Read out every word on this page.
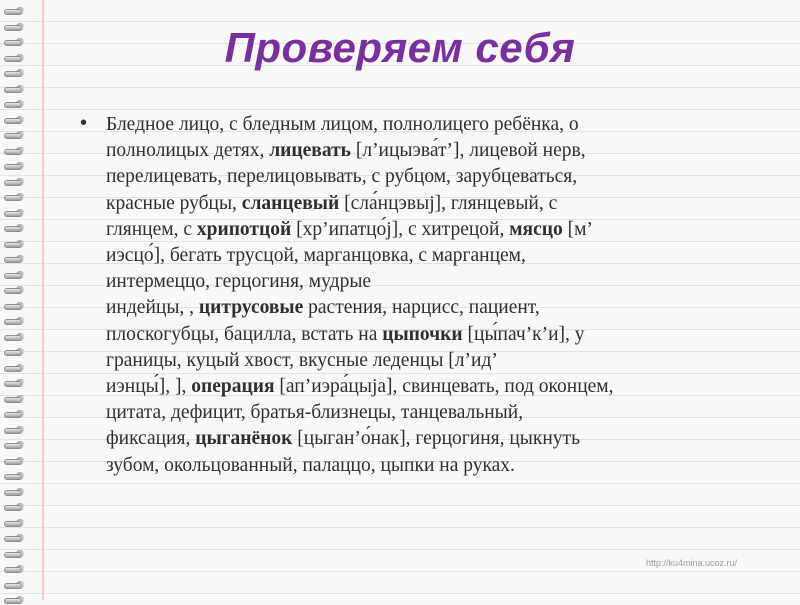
Проверяем себя
• Бледное лицо, с бледным лицом, полнолицего ребёнка, о
полнолицых детях, лицевать [л’ицыэва́т’], лицевой нерв,
перелицевать, перелицовывать, с рубцом, зарубцеваться,
красные рубцы, сланцевый [сла́нцэвыj], глянцевый, с
глянцем, с хрипотцой [хр’ипатцо́j], с хитрецой, мясцо [м’
иэсцо́], бегать трусцой, марганцовка, с марганцем,
интермеццо, герцогиня, мудрые
индейцы, , цитрусовые растения, нарцисс, пациент,
плоскогубцы, бацилла, встать на цыпочки [цы́пач’к’и], у
границы, куцый хвост, вкусные леденцы [л’ид’
иэнцы́], ], операция [ап’иэра́цыjа], свинцевать, под оконцем,
цитата, дефицит, братья-близнецы, танцевальный,
фиксация, цыганёнок [цыган’о́нак], герцогиня, цыкнуть
зубом, окольцованный, палаццо, цыпки на руках.
http://ku4mina.ucoz.ru/
